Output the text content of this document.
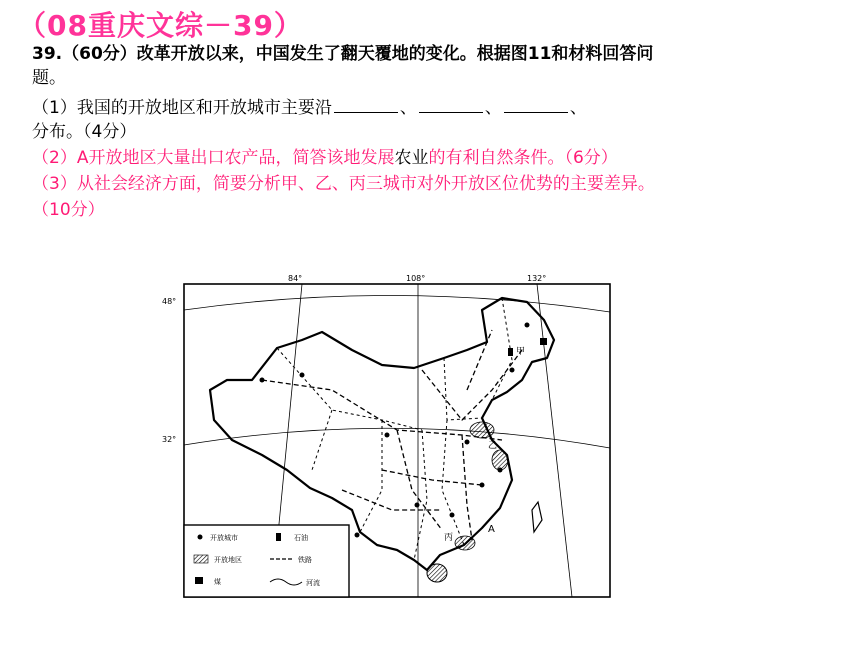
（08重庆文综－39）
39.（60分）改革开放以来，中国发生了翻天覆地的变化。根据图11和材料回答问
题。
（1）我国的开放地区和开放城市主要沿	、	、	、
分布。（4分）
（2）A开放地区大量出口农产品，简答该地发展农业的有利自然条件。（6分）
（3）从社会经济方面，简要分析甲、乙、丙三城市对外开放区位优势的主要差异。
（10分）
84°	108°	132°
48°
32°
甲
乙
丙
A
开放城市	石油
开放地区	铁路
煤	河流
